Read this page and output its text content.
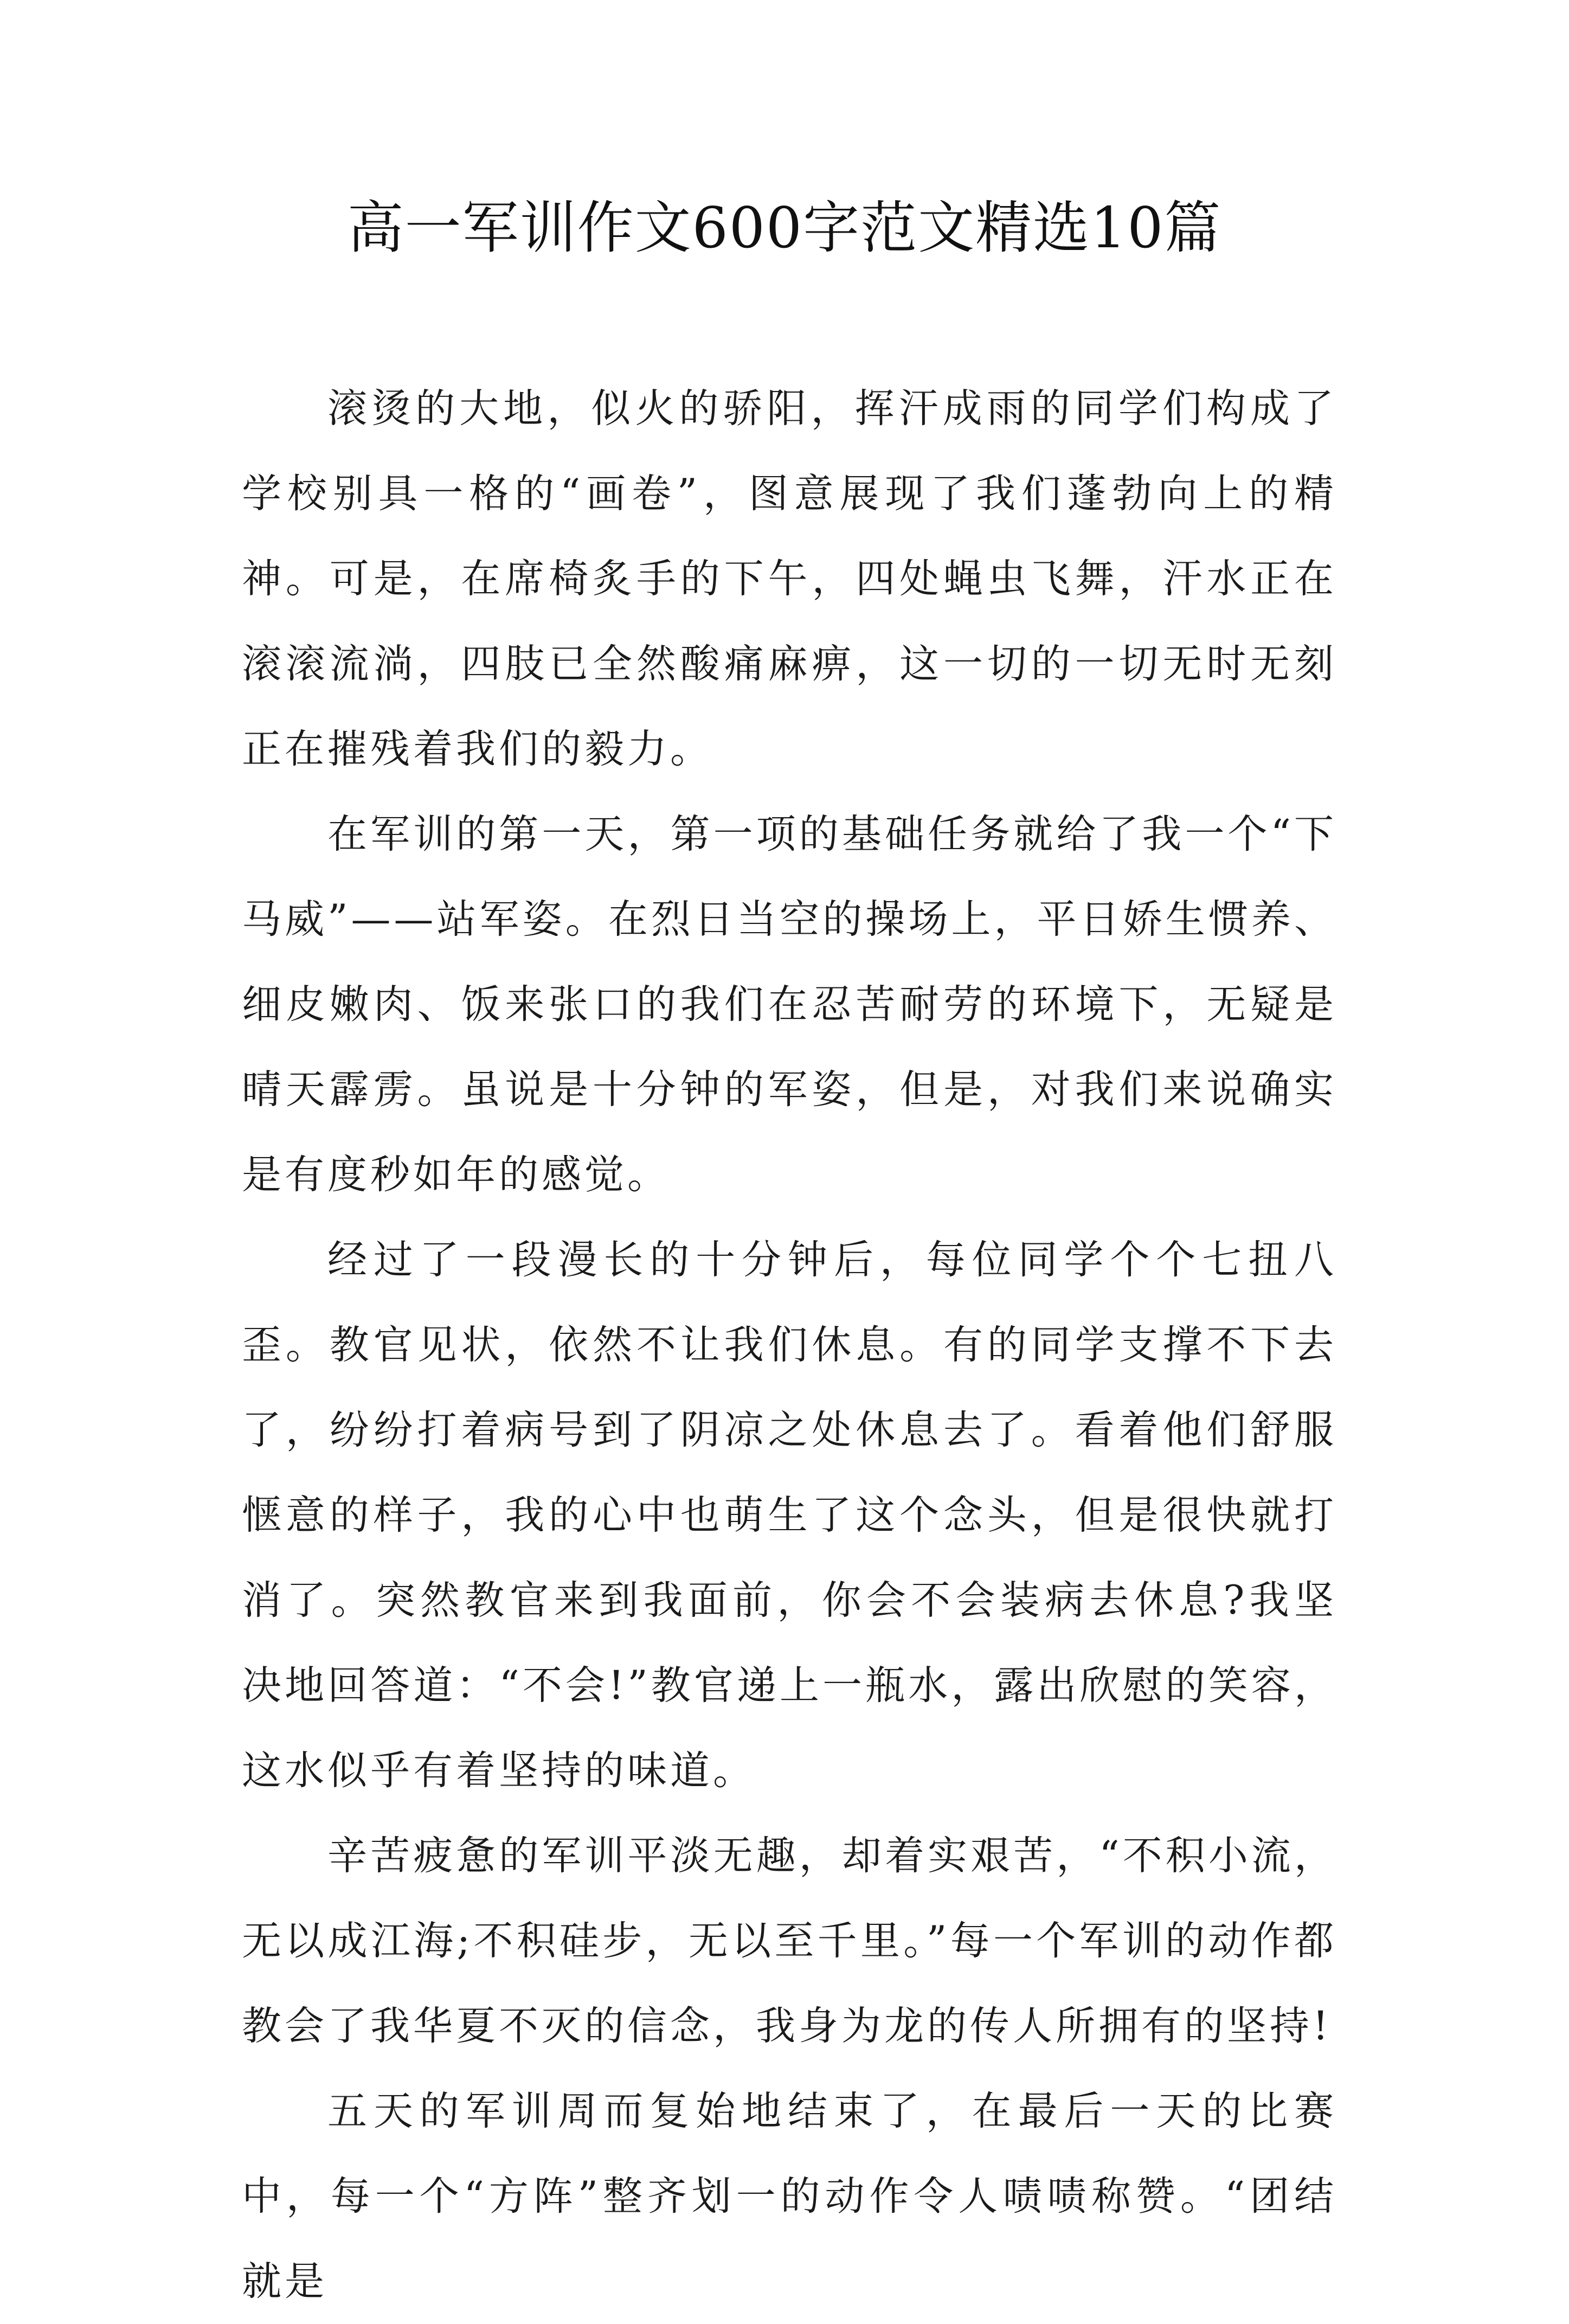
高一军训作文600字范文精选10篇

滚烫的大地，似火的骄阳，挥汗成雨的同学们构成了学校别具一格的“画卷”，图意展现了我们蓬勃向上的精神。可是，在席椅炙手的下午，四处蝇虫飞舞，汗水正在滚滚流淌，四肢已全然酸痛麻痹，这一切的一切无时无刻正在摧残着我们的毅力。

在军训的第一天，第一项的基础任务就给了我一个“下马威”——站军姿。在烈日当空的操场上，平日娇生惯养、细皮嫩肉、饭来张口的我们在忍苦耐劳的环境下，无疑是晴天霹雳。虽说是十分钟的军姿，但是，对我们来说确实是有度秒如年的感觉。

经过了一段漫长的十分钟后，每位同学个个七扭八歪。教官见状，依然不让我们休息。有的同学支撑不下去了，纷纷打着病号到了阴凉之处休息去了。看着他们舒服惬意的样子，我的心中也萌生了这个念头，但是很快就打消了。突然教官来到我面前，你会不会装病去休息?我坚决地回答道：“不会!”教官递上一瓶水，露出欣慰的笑容，这水似乎有着坚持的味道。

辛苦疲惫的军训平淡无趣，却着实艰苦，“不积小流，无以成江海;不积硅步，无以至千里。”每一个军训的动作都教会了我华夏不灭的信念，我身为龙的传人所拥有的坚持!

五天的军训周而复始地结束了，在最后一天的比赛中，每一个“方阵”整齐划一的动作令人啧啧称赞。“团结就是
